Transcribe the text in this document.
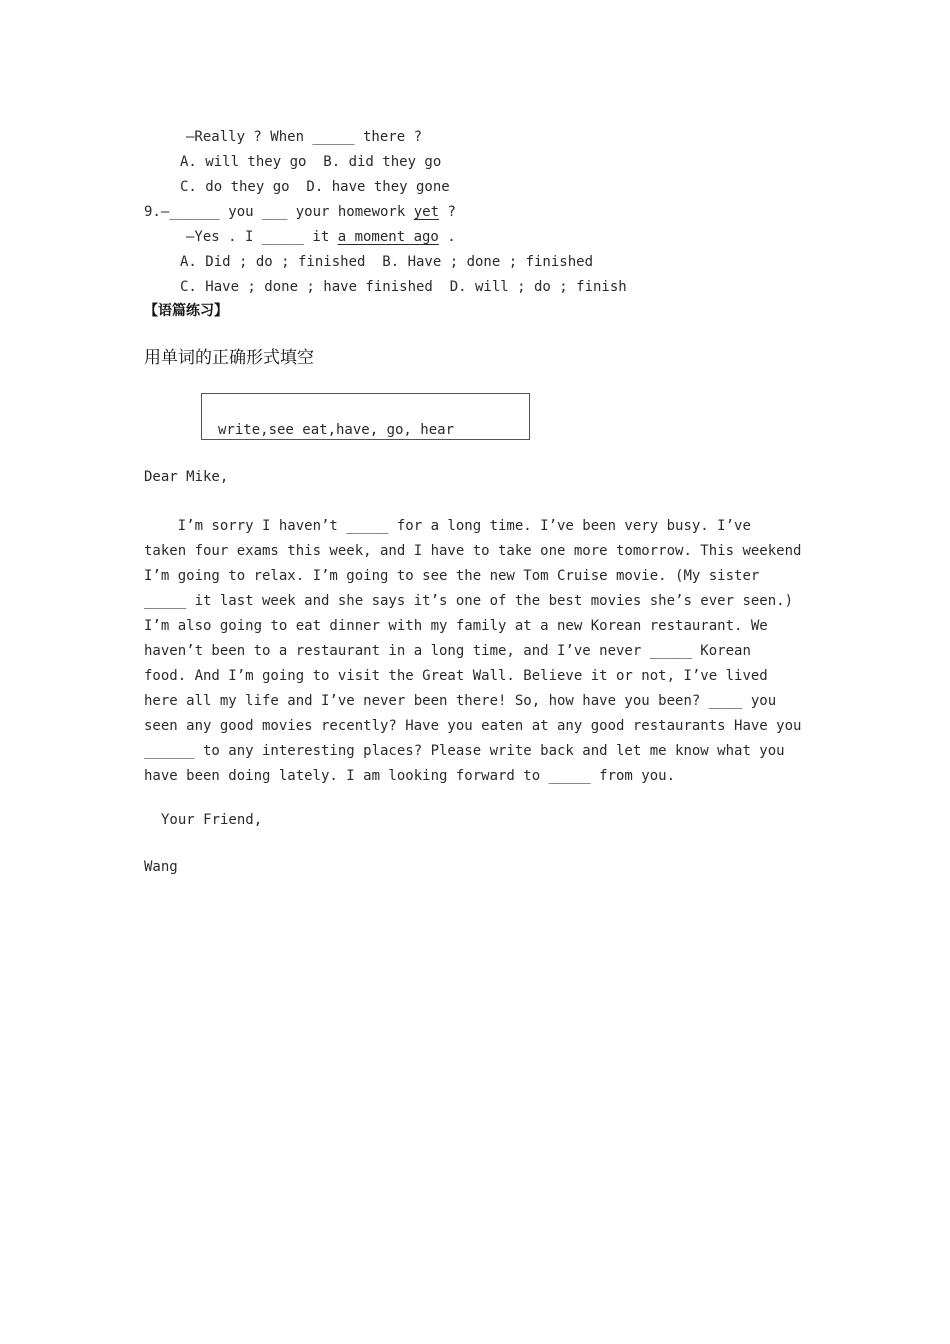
—Really ? When _____ there ?

A. will they go  B. did they go

C. do they go  D. have they gone

9.—______ you ___ your homework yet ?

—Yes . I _____ it a moment ago .

A. Did ; do ; finished  B. Have ; done ; finished

C. Have ; done ; have finished  D. will ; do ; finish

【语篇练习】

用单词的正确形式填空

write,see eat,have, go, hear

Dear Mike,

I’m sorry I haven’t _____ for a long time. I’ve been very busy. I’ve
taken four exams this week, and I have to take one more tomorrow. This weekend
I’m going to relax. I’m going to see the new Tom Cruise movie. (My sister
_____ it last week and she says it’s one of the best movies she’s ever seen.)
I’m also going to eat dinner with my family at a new Korean restaurant. We
haven’t been to a restaurant in a long time, and I’ve never _____ Korean
food. And I’m going to visit the Great Wall. Believe it or not, I’ve lived
here all my life and I’ve never been there! So, how have you been? ____ you
seen any good movies recently? Have you eaten at any good restaurants Have you
______ to any interesting places? Please write back and let me know what you
have been doing lately. I am looking forward to _____ from you.

Your Friend,

Wang
